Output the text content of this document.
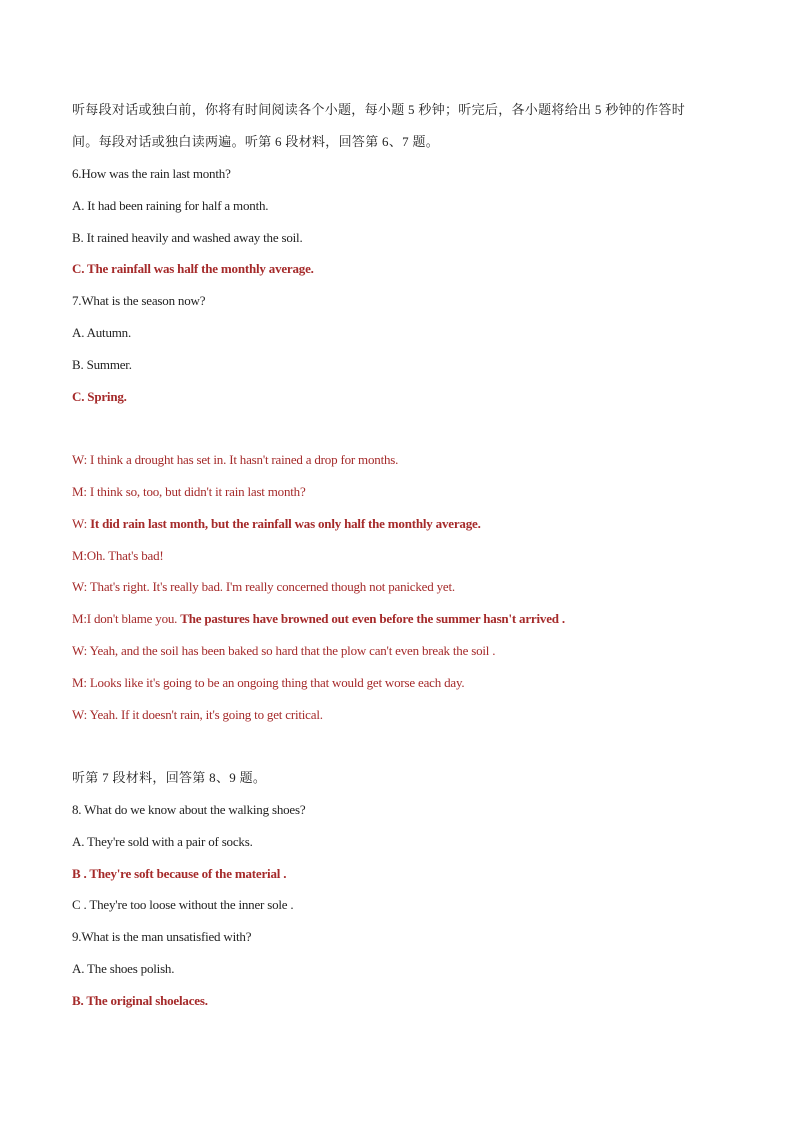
听每段对话或独白前，你将有时间阅读各个小题，每小题 5 秒钟；听完后，各小题将给出 5 秒钟的作答时

间。每段对话或独白读两遍。听第 6 段材料，回答第 6、7 题。

6.How was the rain last month?

A. It had been raining for half a month.

B. It rained heavily and washed away the soil.

C. The rainfall was half the monthly average.

7.What is the season now?

A. Autumn.

B. Summer.

C. Spring.

W: I think a drought has set in. It hasn't rained a drop for months.

M: I think so, too, but didn't it rain last month?

W: It did rain last month, but the rainfall was only half the monthly average.

M:Oh. That's bad!

W: That's right. It's really bad. I'm really concerned though not panicked yet.

M:I don't blame you. The pastures have browned out even before the summer hasn't arrived .

W: Yeah, and the soil has been baked so hard that the plow can't even break the soil .

M: Looks like it's going to be an ongoing thing that would get worse each day.

W: Yeah. If it doesn't rain, it's going to get critical.

听第 7 段材料，回答第 8、9 题。

8. What do we know about the walking shoes?

A. They're sold with a pair of socks.

B . They're soft because of the material .

C . They're too loose without the inner sole .

9.What is the man unsatisfied with?

A. The shoes polish.

B. The original shoelaces.
